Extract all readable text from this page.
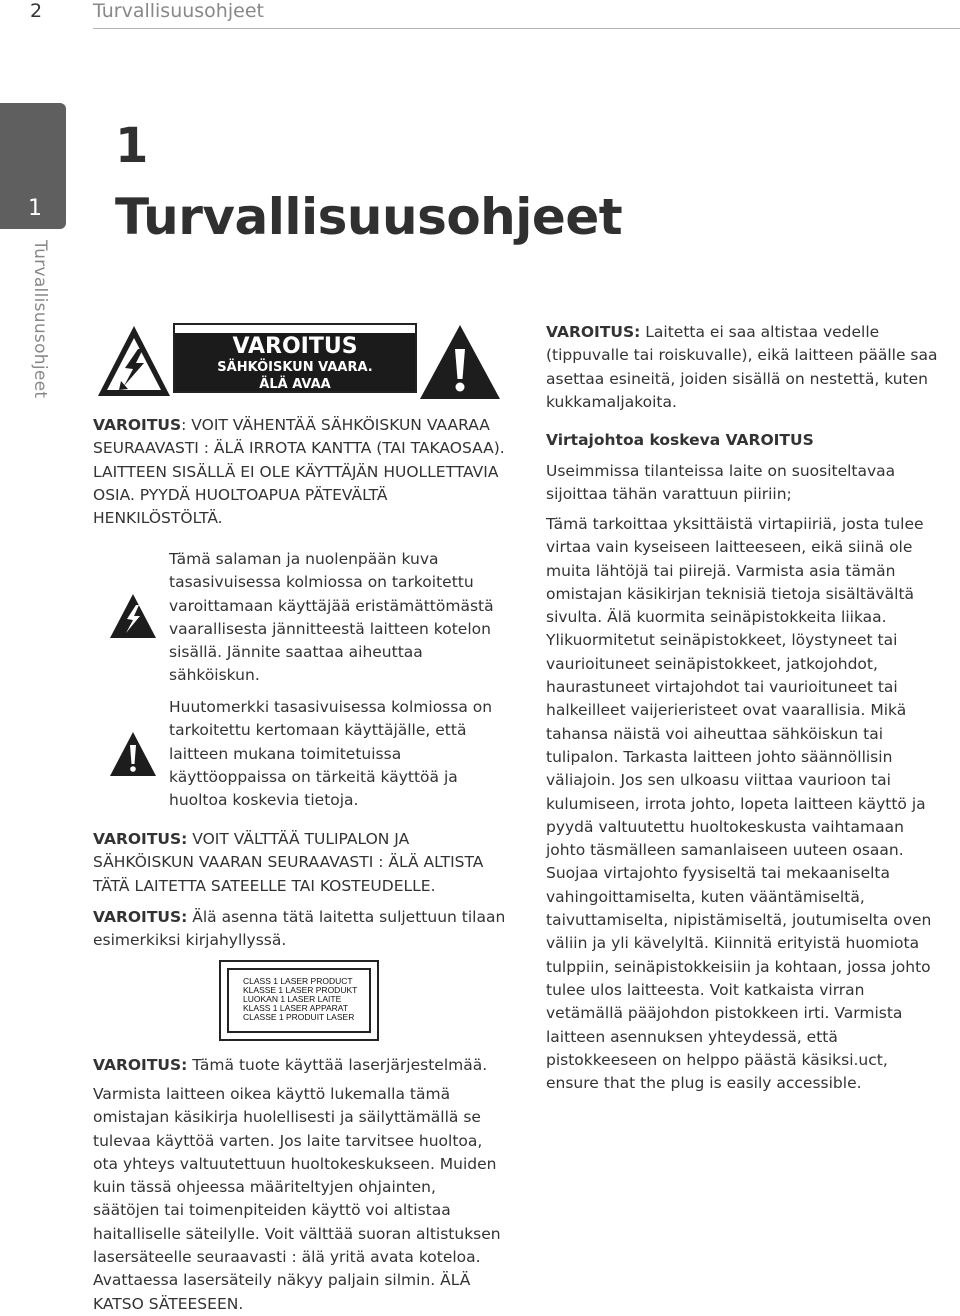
2	Turvallisuusohjeet
1
Turvallisuusohjeet
1
Turvallisuusohjeet
VAROITUS
SÄHKÖISKUN VAARA.
ÄLÄ AVAA

VAROITUS: VOIT VÄHENTÄÄ SÄHKÖISKUN VAARAA SEURAAVASTI : ÄLÄ IRROTA KANTTA (TAI TAKAOSAA). LAITTEEN SISÄLLÄ EI OLE KÄYTTÄJÄN HUOLLETTAVIA OSIA. PYYDÄ HUOLTOAPUA PÄTEVÄLTÄ HENKILÖSTÖLTÄ.

Tämä salaman ja nuolenpään kuva tasasivuisessa kolmiossa on tarkoitettu varoittamaan käyttäjää eristämättömästä vaarallisesta jännitteestä laitteen kotelon sisällä. Jännite saattaa aiheuttaa sähköiskun.

Huutomerkki tasasivuisessa kolmiossa on tarkoitettu kertomaan käyttäjälle, että laitteen mukana toimitetuissa käyttöoppaissa on tärkeitä käyttöä ja huoltoa koskevia tietoja.

VAROITUS: VOIT VÄLTTÄÄ TULIPALON JA SÄHKÖISKUN VAARAN SEURAAVASTI : ÄLÄ ALTISTA TÄTÄ LAITETTA SATEELLE TAI KOSTEUDELLE.

VAROITUS: Älä asenna tätä laitetta suljettuun tilaan esimerkiksi kirjahyllyssä.

CLASS 1 LASER PRODUCT
KLASSE 1 LASER PRODUKT
LUOKAN 1 LASER LAITE
KLASS 1 LASER APPARAT
CLASSE 1 PRODUIT LASER

VAROITUS: Tämä tuote käyttää laserjärjestelmää.

Varmista laitteen oikea käyttö lukemalla tämä omistajan käsikirja huolellisesti ja säilyttämällä se tulevaa käyttöä varten. Jos laite tarvitsee huoltoa, ota yhteys valtuutettuun huoltokeskukseen. Muiden kuin tässä ohjeessa määriteltyjen ohjainten, säätöjen tai toimenpiteiden käyttö voi altistaa haitalliselle säteilylle. Voit välttää suoran altistuksen lasersäteelle seuraavasti : älä yritä avata koteloa. Avattaessa lasersäteily näkyy paljain silmin. ÄLÄ KATSO SÄTEESEEN.

VAROITUS: Laitetta ei saa altistaa vedelle (tippuvalle tai roiskuvalle), eikä laitteen päälle saa asettaa esineitä, joiden sisällä on nestettä, kuten kukkamaljakoita.

Virtajohtoa koskeva VAROITUS

Useimmissa tilanteissa laite on suositeltavaa sijoittaa tähän varattuun piiriin;

Tämä tarkoittaa yksittäistä virtapiiriä, josta tulee virtaa vain kyseiseen laitteeseen, eikä siinä ole muita lähtöjä tai piirejä. Varmista asia tämän omistajan käsikirjan teknisiä tietoja sisältävältä sivulta. Älä kuormita seinäpistokkeita liikaa. Ylikuormitetut seinäpistokkeet, löystyneet tai vaurioituneet seinäpistokkeet, jatkojohdot, haurastuneet virtajohdot tai vaurioituneet tai halkeilleet vaijerieristeet ovat vaarallisia. Mikä tahansa näistä voi aiheuttaa sähköiskun tai tulipalon. Tarkasta laitteen johto säännöllisin väliajoin. Jos sen ulkoasu viittaa vaurioon tai kulumiseen, irrota johto, lopeta laitteen käyttö ja pyydä valtuutettu huoltokeskusta vaihtamaan johto täsmälleen samanlaiseen uuteen osaan. Suojaa virtajohto fyysiseltä tai mekaaniselta vahingoittamiselta, kuten vääntämiseltä, taivuttamiselta, nipistämiseltä, joutumiselta oven väliin ja yli kävelyltä. Kiinnitä erityistä huomiota tulppiin, seinäpistokkeisiin ja kohtaan, jossa johto tulee ulos laitteesta. Voit katkaista virran vetämällä pääjohdon pistokkeen irti. Varmista laitteen asennuksen yhteydessä, että pistokkeeseen on helppo päästä käsiksi.uct, ensure that the plug is easily accessible.
